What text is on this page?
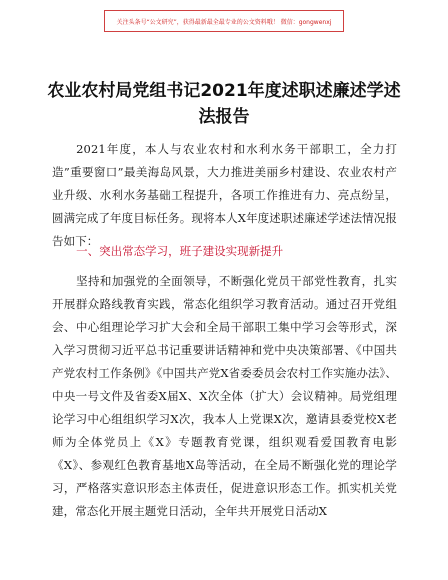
关注头条号“公文研究”，获得最新最全最专业的公文资料哦！ 微信：gongwenxj
农业农村局党组书记2021年度述职述廉述学述法报告

2021年度，本人与农业农村和水利水务干部职工，全力打造”重要窗口”最美海岛风景，大力推进美丽乡村建设、农业农村产业升级、水利水务基础工程提升，各项工作推进有力、亮点纷呈，圆满完成了年度目标任务。现将本人X年度述职述廉述学述法情况报告如下：

一、突出常态学习，班子建设实现新提升

坚持和加强党的全面领导，不断强化党员干部党性教育，扎实开展群众路线教育实践，常态化组织学习教育活动。通过召开党组会、中心组理论学习扩大会和全局干部职工集中学习会等形式，深入学习贯彻习近平总书记重要讲话精神和党中央决策部署、《中国共产党农村工作条例》《中国共产党X省委委员会农村工作实施办法》、中央一号文件及省委X届X、X次全体（扩大）会议精神。局党组理论学习中心组组织学习X次，我本人上党课X次，邀请县委党校X老师为全体党员上《X》专题教育党课，组织观看爱国教育电影《X》、参观红色教育基地X岛等活动，在全局不断强化党的理论学习，严格落实意识形态主体责任，促进意识形态工作。抓实机关党建，常态化开展主题党日活动，全年共开展党日活动X
